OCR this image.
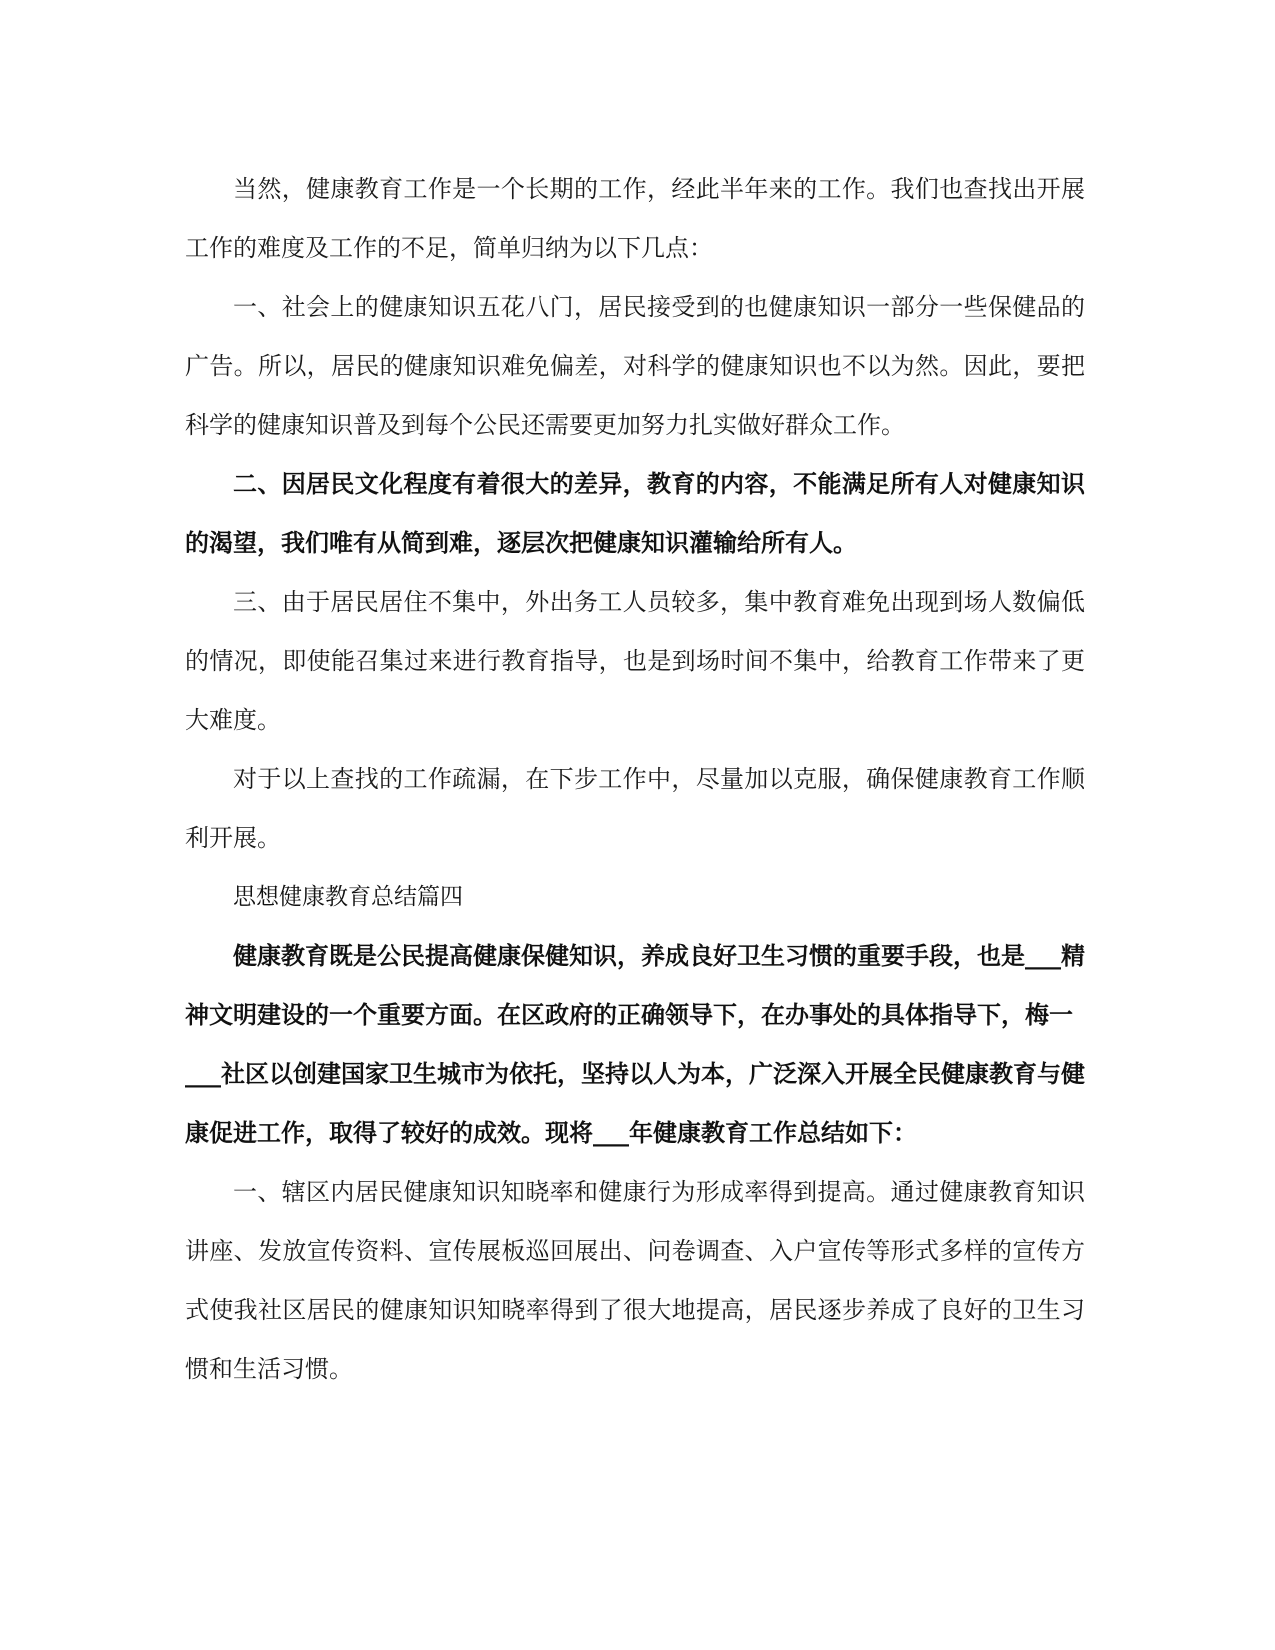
当然，健康教育工作是一个长期的工作，经此半年来的工作。我们也查找出开展工作的难度及工作的不足，简单归纳为以下几点：

一、社会上的健康知识五花八门，居民接受到的也健康知识一部分一些保健品的广告。所以，居民的健康知识难免偏差，对科学的健康知识也不以为然。因此，要把科学的健康知识普及到每个公民还需要更加努力扎实做好群众工作。

二、因居民文化程度有着很大的差异，教育的内容，不能满足所有人对健康知识的渴望，我们唯有从简到难，逐层次把健康知识灌输给所有人。

三、由于居民居住不集中，外出务工人员较多，集中教育难免出现到场人数偏低的情况，即使能召集过来进行教育指导，也是到场时间不集中，给教育工作带来了更大难度。

对于以上查找的工作疏漏，在下步工作中，尽量加以克服，确保健康教育工作顺利开展。

思想健康教育总结篇四

健康教育既是公民提高健康保健知识，养成良好卫生习惯的重要手段，也是___精神文明建设的一个重要方面。在区政府的正确领导下，在办事处的具体指导下，梅一

___社区以创建国家卫生城市为依托，坚持以人为本，广泛深入开展全民健康教育与健康促进工作，取得了较好的成效。现将___年健康教育工作总结如下：

一、辖区内居民健康知识知晓率和健康行为形成率得到提高。通过健康教育知识讲座、发放宣传资料、宣传展板巡回展出、问卷调查、入户宣传等形式多样的宣传方式使我社区居民的健康知识知晓率得到了很大地提高，居民逐步养成了良好的卫生习惯和生活习惯。
